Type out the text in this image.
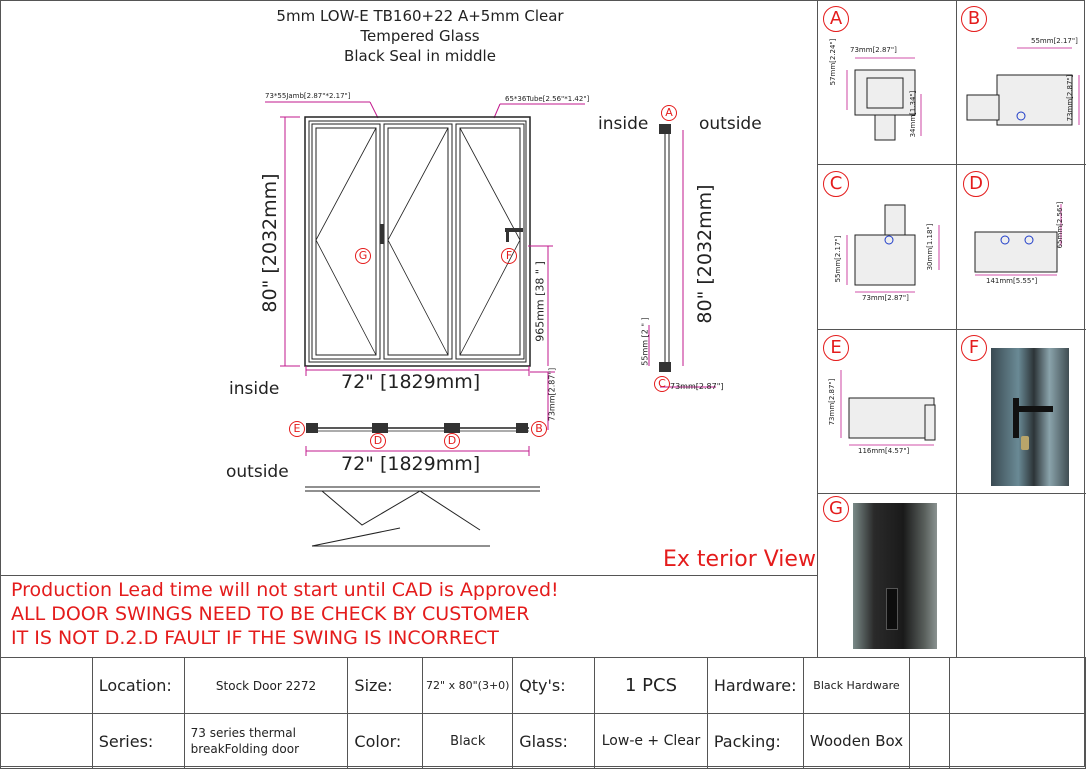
5mm LOW-E TB160+22 A+5mm Clear
Tempered Glass
Black Seal in middle
73*55Jamb[2.87"*2.17"]	65*36Tube[2.56"*1.42"]
80" [2032mm]
72" [1829mm]
965mm [38 " ]	80" [2032mm]
55mm [2 " ]
73mm[2.87"]
73mm[2.87"]
72" [1829mm]
inside	outside
inside
outside
A
C
G	F
E	B
D	D
Ex terior View
Production Lead time will not start until CAD is Approved!
ALL DOOR SWINGS NEED TO BE CHECK BY CUSTOMER
IT IS NOT D.2.D FAULT IF THE SWING IS INCORRECT
A	B
C	D
E	F
G
73mm[2.87"]
57mm[2.24"]
34mm[1.34"]
55mm[2.17"]
73mm[2.87"]
73mm[2.87"]
55mm[2.17"]	30mm[1.18"]
141mm[5.55"]
65mm[2.56"]
116mm[4.57"]
73mm[2.87"]
	Location:	Stock Door 2272	Size:	72" x 80"(3+0)	Qty's:	1 PCS	Hardware:	Black Hardware		
	Series:	73 series thermal breakFolding door	Color:	Black	Glass:	Low-e + Clear	Packing:	Wooden Box		
